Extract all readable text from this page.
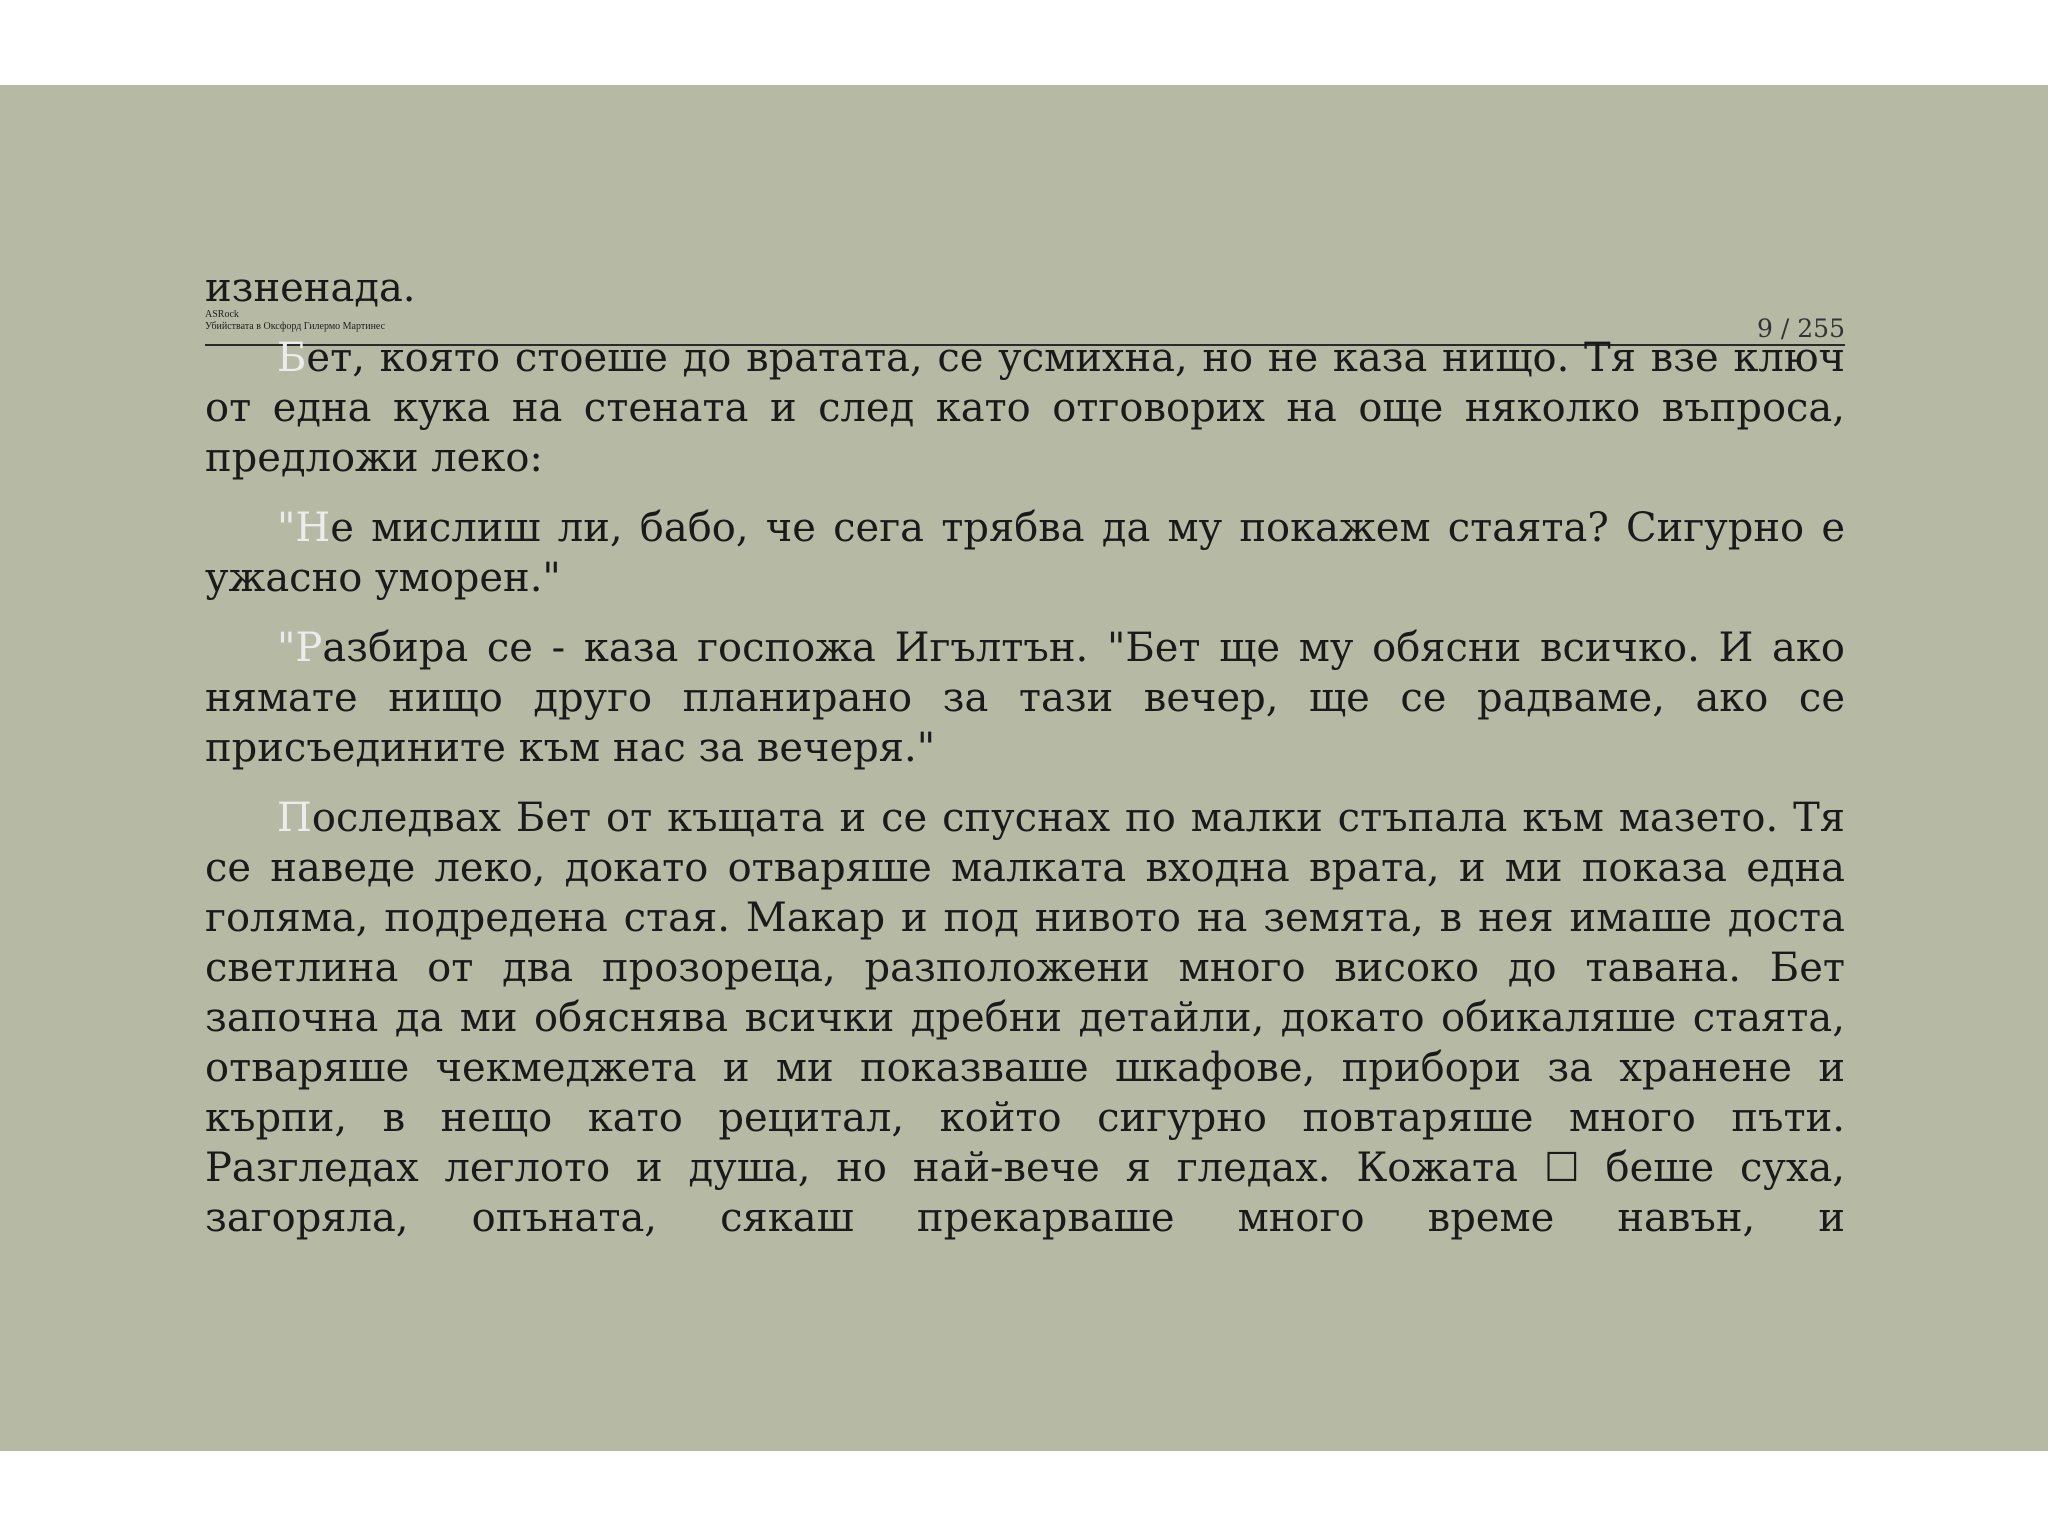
ASRock
Убийствата в Оксфорд Гилермо Мартинес	9 / 255

изненада.

Бет, която стоеше до вратата, се усмихна, но не каза нищо. Тя взе ключ от една кука на стената и след като отговорих на още няколко въпроса, предложи леко:

"Не мислиш ли, бабо, че сега трябва да му покажем стаята? Сигурно е ужасно уморен."

"Разбира се - каза госпожа Игълтън. "Бет ще му обясни всичко. И ако нямате нищо друго планирано за тази вечер, ще се радваме, ако се присъедините към нас за вечеря."

Последвах Бет от къщата и се спуснах по малки стъпала към мазето. Тя се наведе леко, докато отваряше малката входна врата, и ми показа една голяма, подредена стая. Макар и под нивото на земята, в нея имаше доста светлина от два прозореца, разположени много високо до тавана. Бет започна да ми обяснява всички дребни детайли, докато обикаляше стаята, отваряше чекмеджета и ми показваше шкафове, прибори за хранене и кърпи, в нещо като рецитал, който сигурно повтаряше много пъти. Разгледах леглото и душа, но най-вече я гледах. Кожата ☐ беше суха, загоряла, опъната, сякаш прекарваше много време навън, и
